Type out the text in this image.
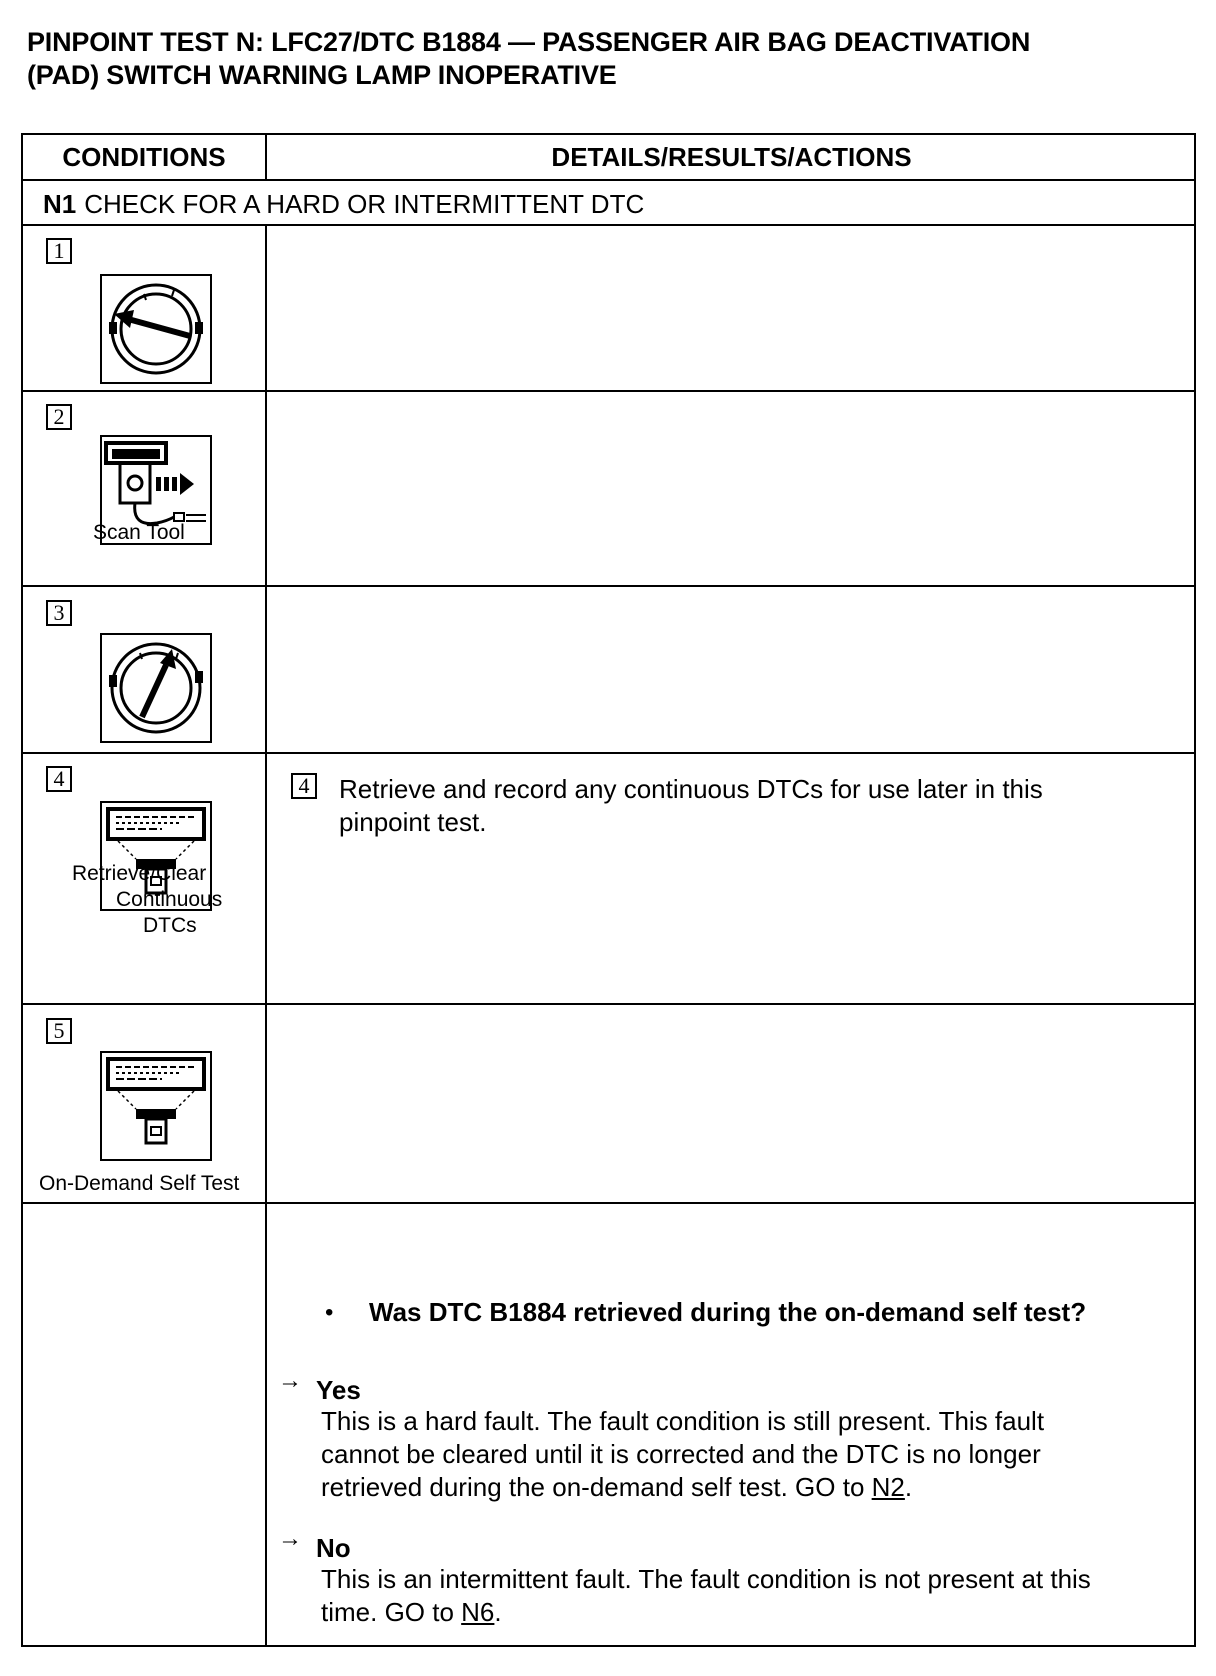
PINPOINT TEST N: LFC27/DTC B1884 — PASSENGER AIR BAG DEACTIVATION
(PAD) SWITCH WARNING LAMP INOPERATIVE
CONDITIONS	DETAILS/RESULTS/ACTIONS
N1 CHECK FOR A HARD OR INTERMITTENT DTC
1
2
Scan Tool
3
4
Retrieve/Clear
Continuous
DTCs
4 Retrieve and record any continuous DTCs for use later in this pinpoint test.
5
On-Demand Self Test
• Was DTC B1884 retrieved during the on-demand self test?
→ Yes
This is a hard fault. The fault condition is still present. This fault cannot be cleared until it is corrected and the DTC is no longer retrieved during the on-demand self test. GO to N2.
→ No
This is an intermittent fault. The fault condition is not present at this time. GO to N6.
